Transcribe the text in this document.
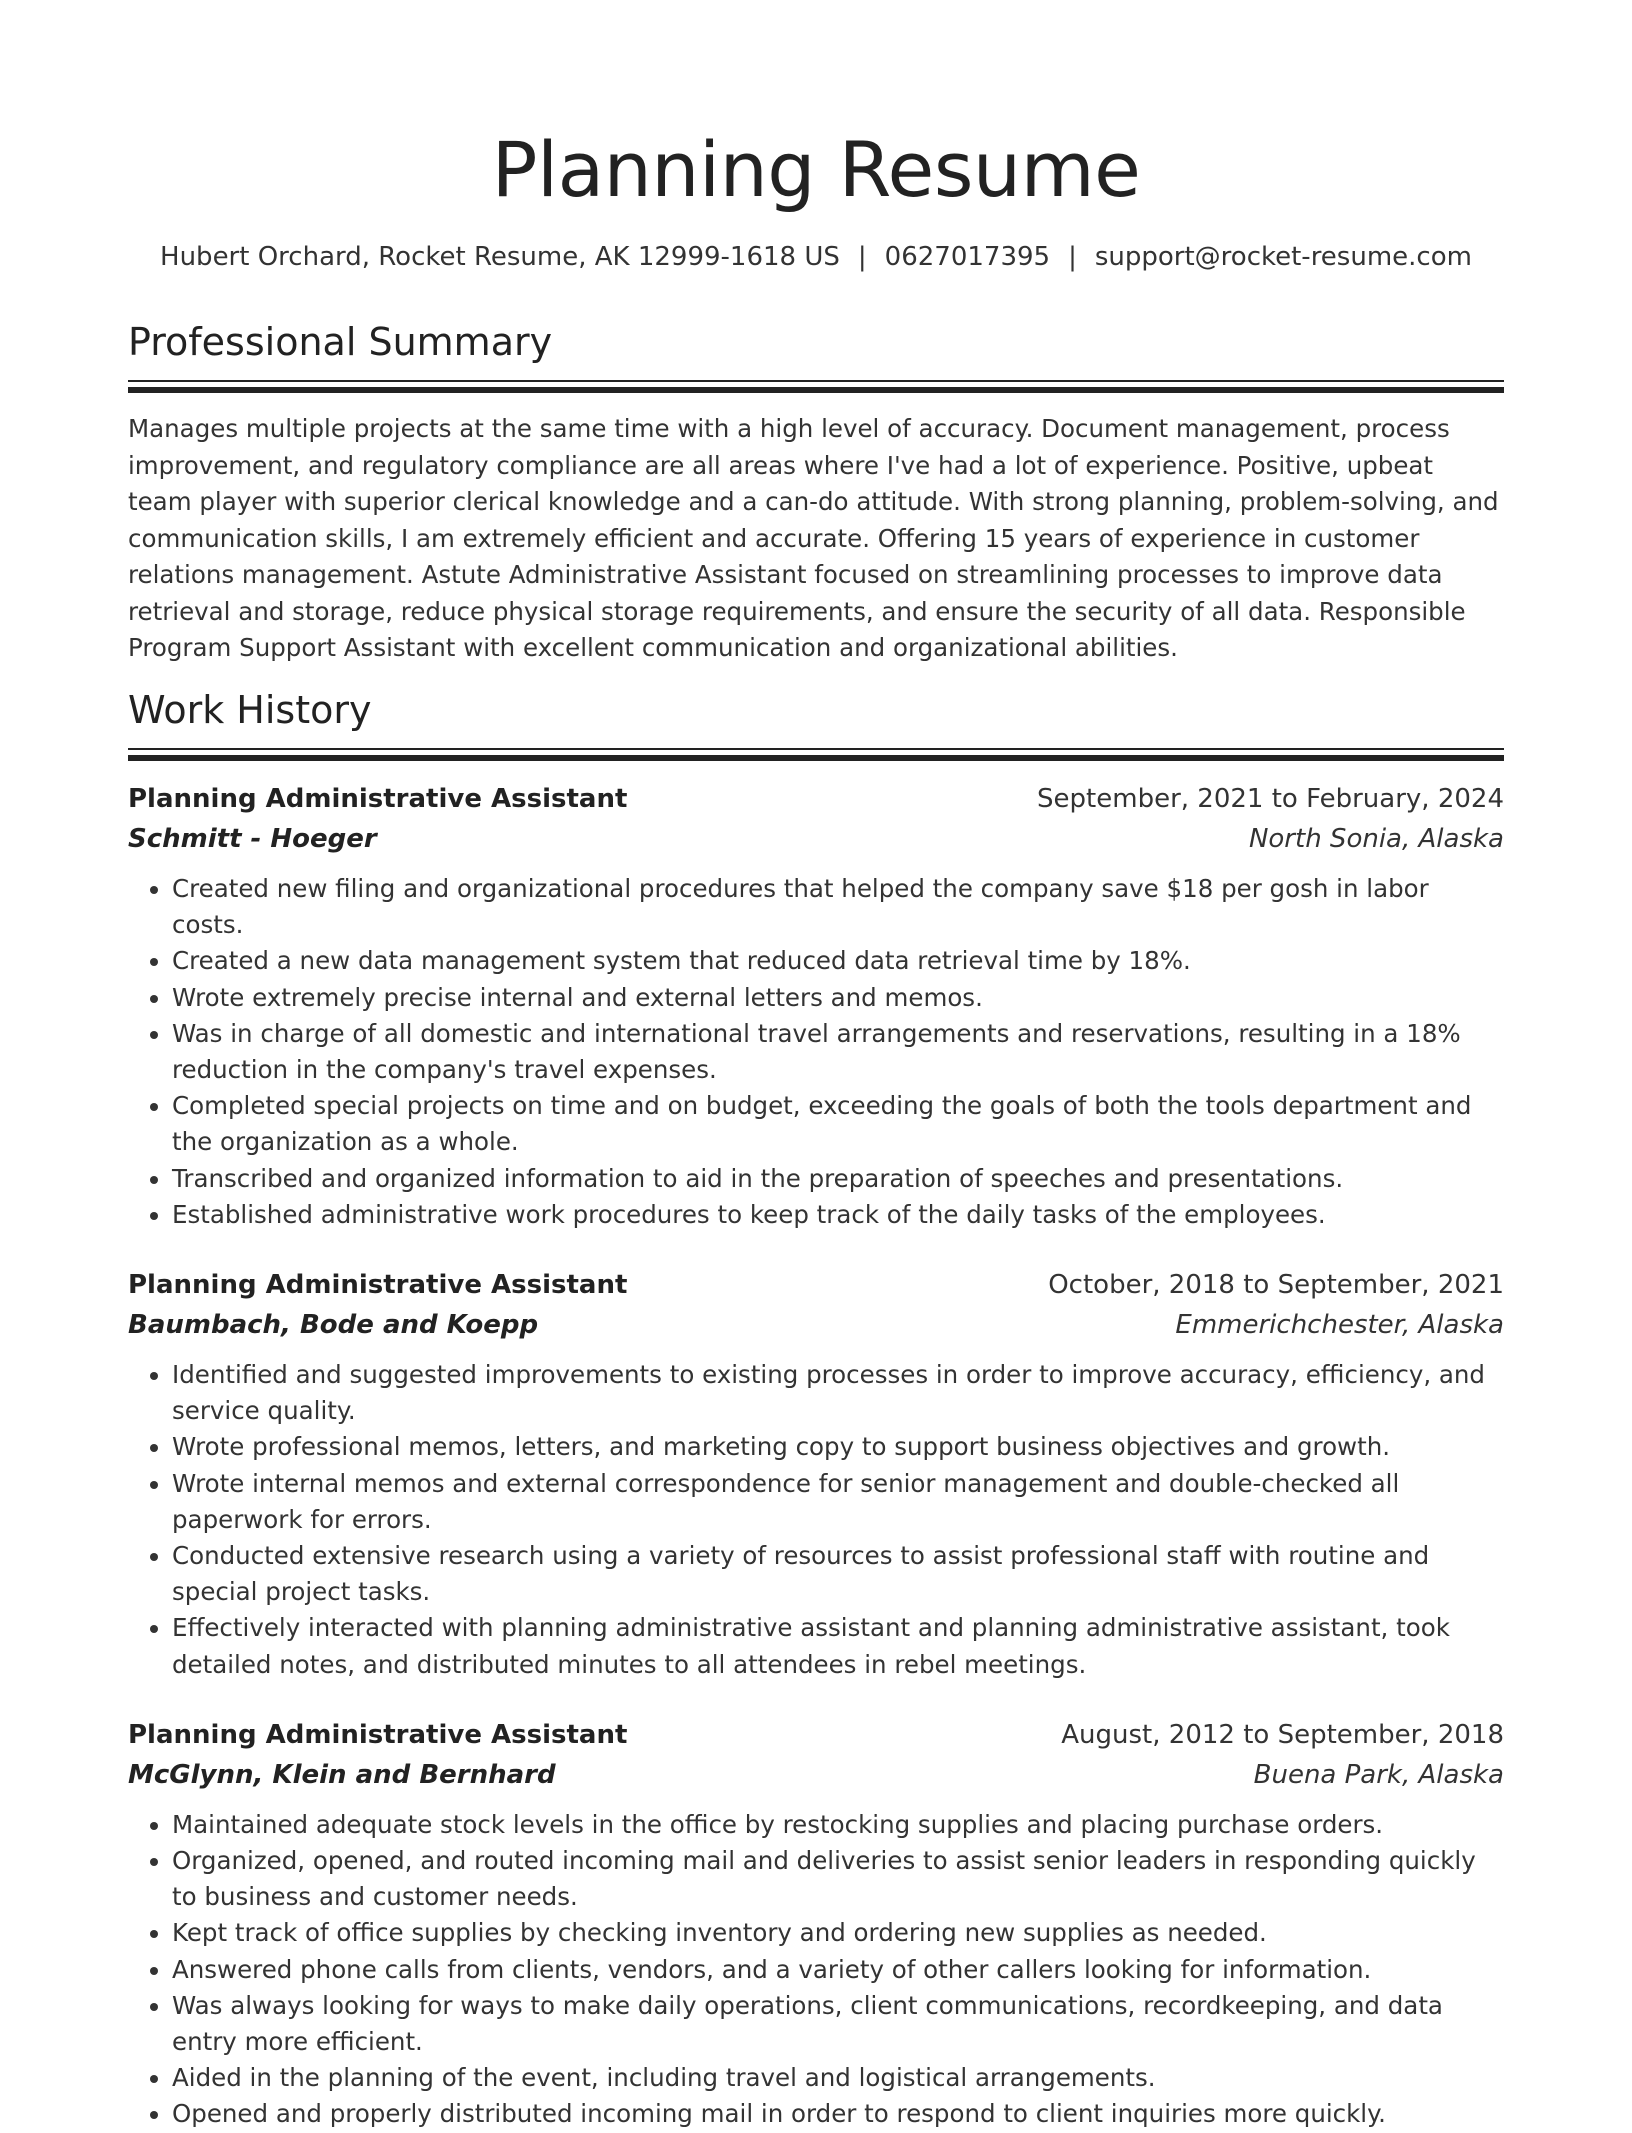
Planning Resume
Hubert Orchard, Rocket Resume, AK 12999-1618 US | 0627017395 | support@rocket-resume.com
Professional Summary
Manages multiple projects at the same time with a high level of accuracy. Document management, process improvement, and regulatory compliance are all areas where I've had a lot of experience. Positive, upbeat team player with superior clerical knowledge and a can-do attitude. With strong planning, problem-solving, and communication skills, I am extremely efficient and accurate. Offering 15 years of experience in customer relations management. Astute Administrative Assistant focused on streamlining processes to improve data retrieval and storage, reduce physical storage requirements, and ensure the security of all data. Responsible Program Support Assistant with excellent communication and organizational abilities.
Work History
Planning Administrative Assistant	September, 2021 to February, 2024
Schmitt - Hoeger	North Sonia, Alaska
• Created new filing and organizational procedures that helped the company save $18 per gosh in labor costs.
• Created a new data management system that reduced data retrieval time by 18%.
• Wrote extremely precise internal and external letters and memos.
• Was in charge of all domestic and international travel arrangements and reservations, resulting in a 18% reduction in the company's travel expenses.
• Completed special projects on time and on budget, exceeding the goals of both the tools department and the organization as a whole.
• Transcribed and organized information to aid in the preparation of speeches and presentations.
• Established administrative work procedures to keep track of the daily tasks of the employees.
Planning Administrative Assistant	October, 2018 to September, 2021
Baumbach, Bode and Koepp	Emmerichchester, Alaska
• Identified and suggested improvements to existing processes in order to improve accuracy, efficiency, and service quality.
• Wrote professional memos, letters, and marketing copy to support business objectives and growth.
• Wrote internal memos and external correspondence for senior management and double-checked all paperwork for errors.
• Conducted extensive research using a variety of resources to assist professional staff with routine and special project tasks.
• Effectively interacted with planning administrative assistant and planning administrative assistant, took detailed notes, and distributed minutes to all attendees in rebel meetings.
Planning Administrative Assistant	August, 2012 to September, 2018
McGlynn, Klein and Bernhard	Buena Park, Alaska
• Maintained adequate stock levels in the office by restocking supplies and placing purchase orders.
• Organized, opened, and routed incoming mail and deliveries to assist senior leaders in responding quickly to business and customer needs.
• Kept track of office supplies by checking inventory and ordering new supplies as needed.
• Answered phone calls from clients, vendors, and a variety of other callers looking for information.
• Was always looking for ways to make daily operations, client communications, recordkeeping, and data entry more efficient.
• Aided in the planning of the event, including travel and logistical arrangements.
• Opened and properly distributed incoming mail in order to respond to client inquiries more quickly.
